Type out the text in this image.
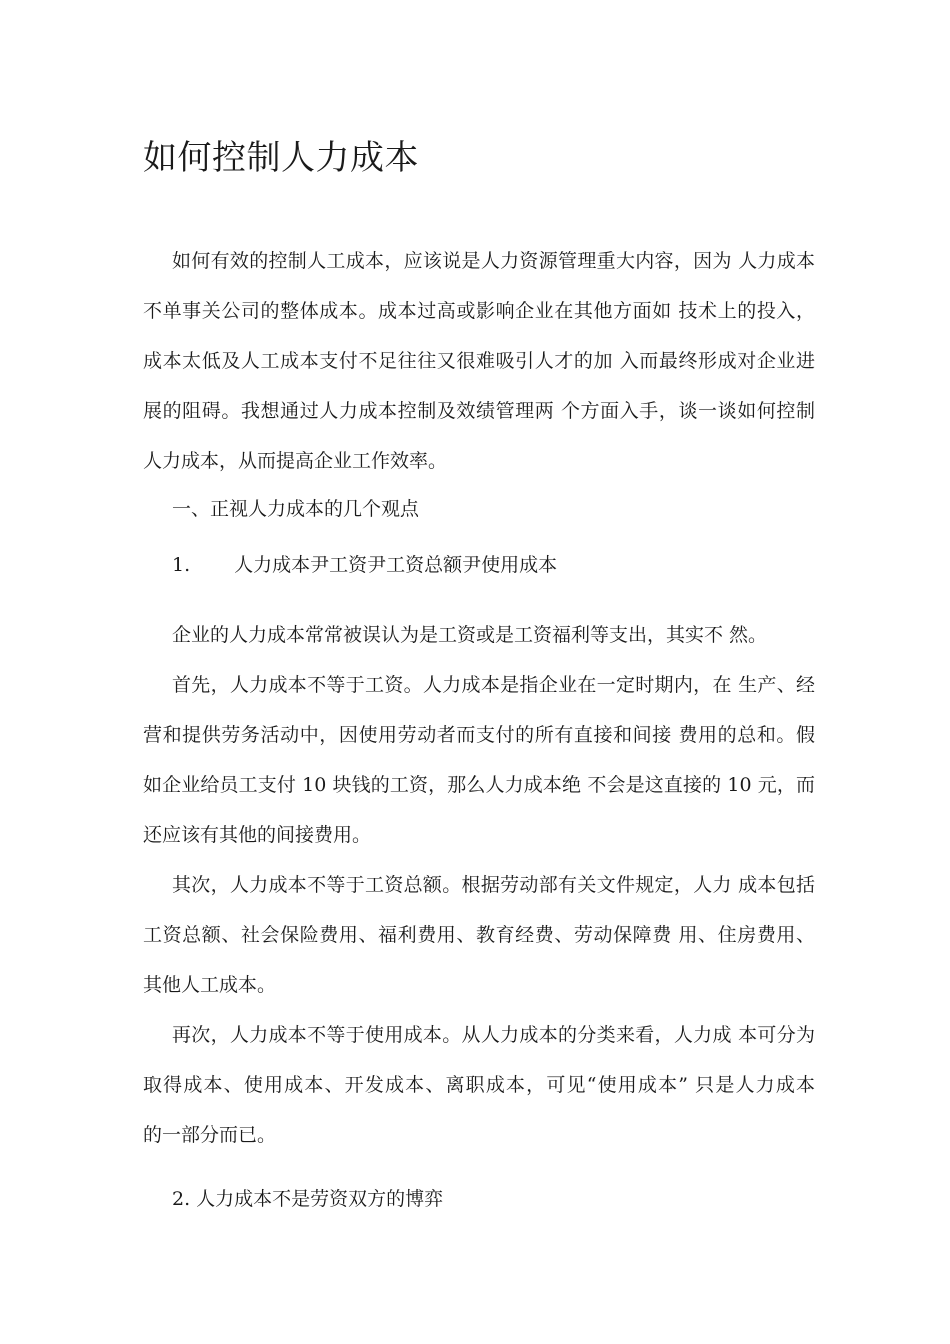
如何控制人力成本
如何有效的控制人工成本，应该说是人力资源管理重大内容，因为 人力成本
不单事关公司的整体成本。成本过高或影响企业在其他方面如 技术上的投入，
成本太低及人工成本支付不足往往又很难吸引人才的加 入而最终形成对企业进
展的阻碍。我想通过人力成本控制及效绩管理两 个方面入手，谈一谈如何控制
人力成本，从而提高企业工作效率。
一、正视人力成本的几个观点
1. 人力成本尹工资尹工资总额尹使用成本
企业的人力成本常常被误认为是工资或是工资福利等支出，其实不 然。
首先，人力成本不等于工资。人力成本是指企业在一定时期内，在 生产、经
营和提供劳务活动中，因使用劳动者而支付的所有直接和间接 费用的总和。假
如企业给员工支付 10 块钱的工资，那么人力成本绝 不会是这直接的 10 元，而
还应该有其他的间接费用。
其次，人力成本不等于工资总额。根据劳动部有关文件规定，人力 成本包括
工资总额、社会保险费用、福利费用、教育经费、劳动保障费 用、住房费用、
其他人工成本。
再次，人力成本不等于使用成本。从人力成本的分类来看，人力成 本可分为
取得成本、使用成本、开发成本、离职成本，可见“使用成本” 只是人力成本
的一部分而已。
2. 人力成本不是劳资双方的博弈
